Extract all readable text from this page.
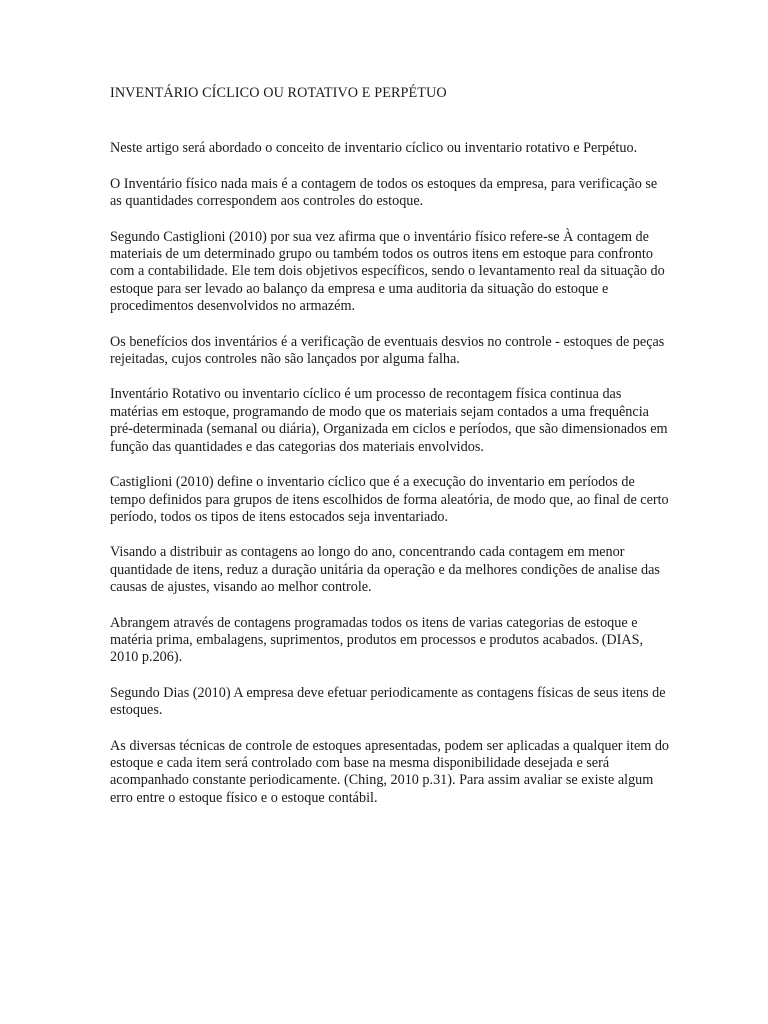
INVENTÁRIO CÍCLICO OU ROTATIVO E PERPÉTUO

Neste artigo será abordado o conceito de inventario cíclico ou inventario rotativo e Perpétuo.

O Inventário físico nada mais é a contagem de todos os estoques da empresa, para verificação se as quantidades correspondem aos controles do estoque.

Segundo Castiglioni (2010) por sua vez afirma que o inventário físico refere-se À contagem de materiais de um determinado grupo ou também todos os outros itens em estoque para confronto com a contabilidade. Ele tem dois objetivos específicos, sendo o levantamento real da situação do estoque para ser levado ao balanço da empresa e uma auditoria da situação do estoque e procedimentos desenvolvidos no armazém.

Os benefícios dos inventários é a verificação de eventuais desvios no controle - estoques de peças rejeitadas, cujos controles não são lançados por alguma falha.

Inventário Rotativo ou inventario cíclico é um processo de recontagem física continua das matérias em estoque, programando de modo que os materiais sejam contados a uma frequência pré-determinada (semanal ou diária), Organizada em ciclos e períodos, que são dimensionados em função das quantidades e das categorias dos materiais envolvidos.

Castiglioni (2010) define o inventario cíclico que é a execução do inventario em períodos de tempo definidos para grupos de itens escolhidos de forma aleatória, de modo que, ao final de certo período, todos os tipos de itens estocados seja inventariado.

Visando a distribuir as contagens ao longo do ano, concentrando cada contagem em menor quantidade de itens, reduz a duração unitária da operação e da melhores condições de analise das causas de ajustes, visando ao melhor controle.

Abrangem através de contagens programadas todos os itens de varias categorias de estoque e matéria prima, embalagens, suprimentos, produtos em processos e produtos acabados. (DIAS, 2010 p.206).

Segundo Dias (2010) A empresa deve efetuar periodicamente as contagens físicas de seus itens de estoques.

As diversas técnicas de controle de estoques apresentadas, podem ser aplicadas a qualquer item do estoque e cada item será controlado com base na mesma disponibilidade desejada e será acompanhado constante periodicamente. (Ching, 2010 p.31). Para assim avaliar se existe algum erro entre o estoque físico e o estoque contábil.
